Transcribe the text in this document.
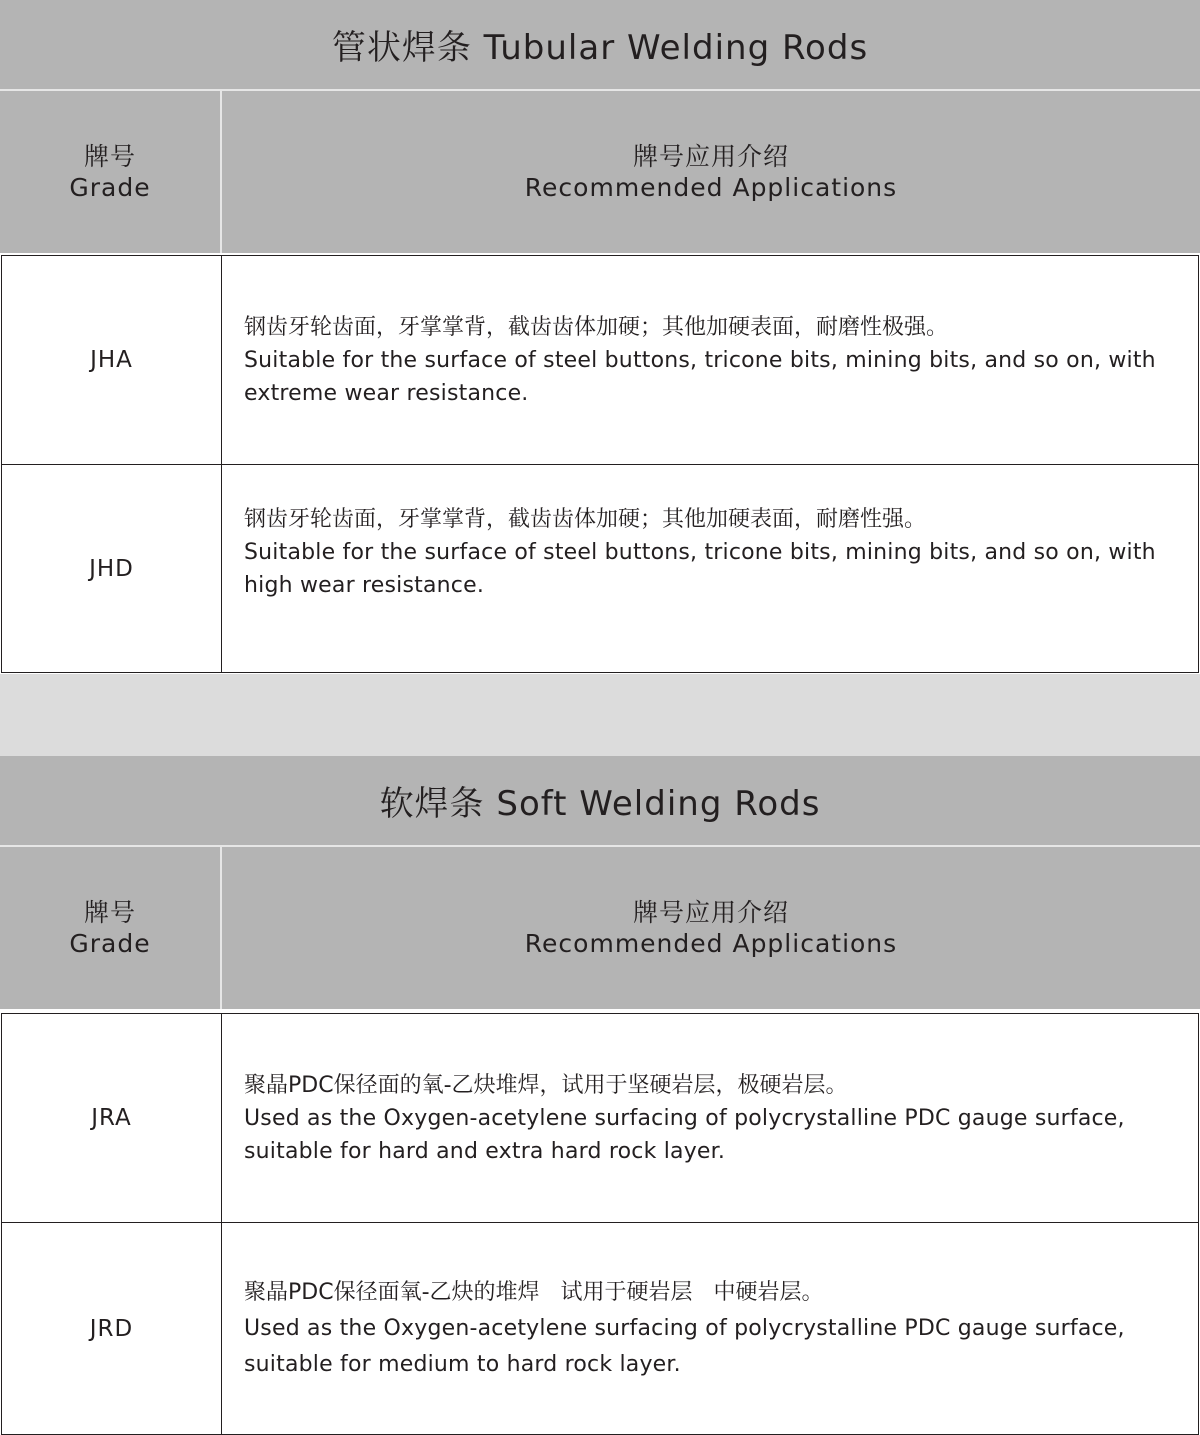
管状焊条 Tubular Welding Rods
牌号
Grade
牌号应用介绍
Recommended Applications
JHA
钢齿牙轮齿面，牙掌掌背，截齿齿体加硬；其他加硬表面，耐磨性极强。
Suitable for the surface of steel buttons, tricone bits, mining bits, and so on, with extreme wear resistance.
JHD
钢齿牙轮齿面，牙掌掌背，截齿齿体加硬；其他加硬表面，耐磨性强。
Suitable for the surface of steel buttons, tricone bits, mining bits, and so on, with high wear resistance.
软焊条 Soft Welding Rods
牌号
Grade
牌号应用介绍
Recommended Applications
JRA
聚晶PDC保径面的氧-乙炔堆焊，试用于坚硬岩层，极硬岩层。
Used as the Oxygen-acetylene surfacing of polycrystalline PDC gauge surface, suitable for hard and extra hard rock layer.
JRD
聚晶PDC保径面氧-乙炔的堆焊   试用于硬岩层   中硬岩层。
Used as the Oxygen-acetylene surfacing of polycrystalline PDC gauge surface, suitable for medium to hard rock layer.
